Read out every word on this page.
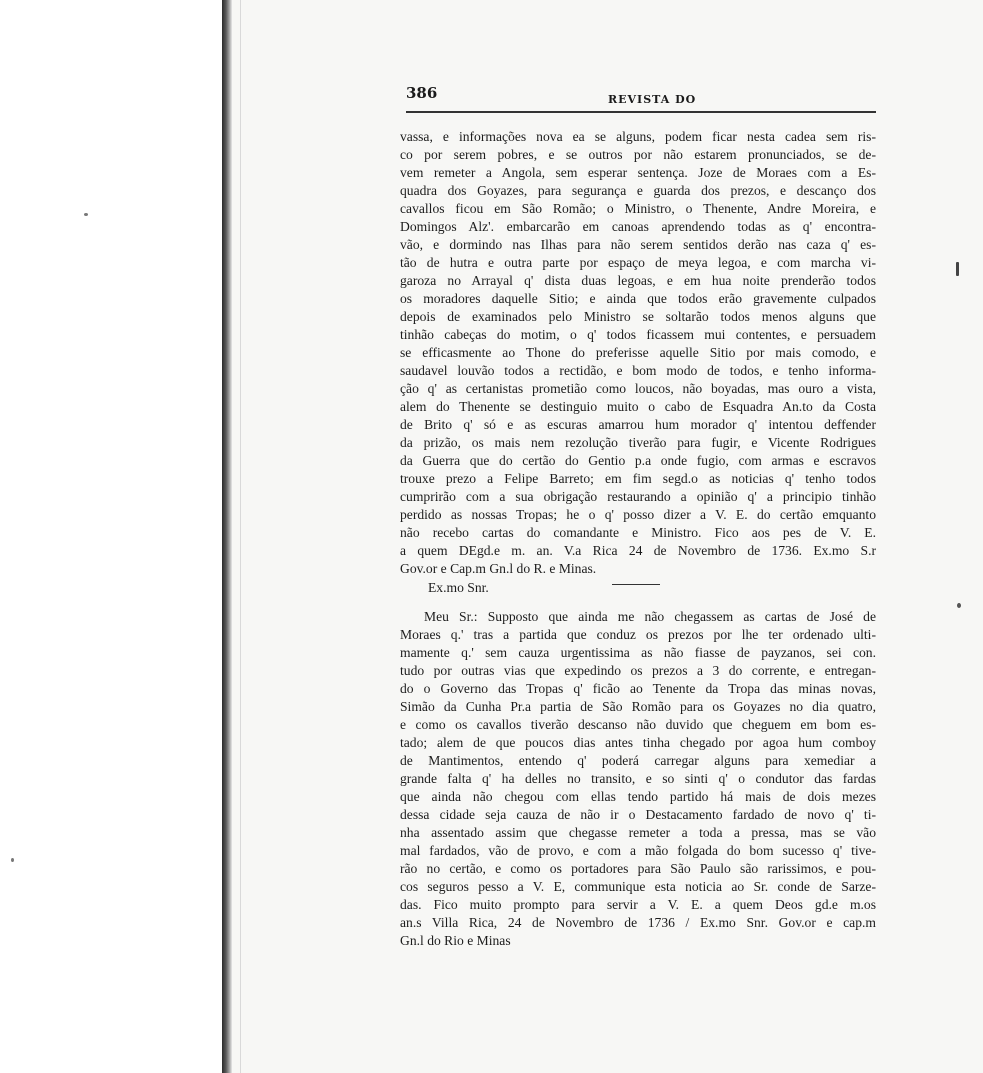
386	REVISTA DO
vassa, e informações nova ea se alguns, podem ficar nesta cadea sem ris-
co por serem pobres, e se outros por não estarem pronunciados, se de-
vem remeter a Angola, sem esperar sentença. Joze de Moraes com a Es-
quadra dos Goyazes, para segurança e guarda dos prezos, e descanço dos
cavallos ficou em São Romão; o Ministro, o Thenente, Andre Moreira, e
Domingos Alz'. embarcarão em canoas aprendendo todas as q' encontra-
vão, e dormindo nas Ilhas para não serem sentidos derão nas caza q' es-
tão de hutra e outra parte por espaço de meya legoa, e com marcha vi-
garoza no Arrayal q' dista duas legoas, e em hua noite prenderão todos
os moradores daquelle Sitio; e ainda que todos erão gravemente culpados
depois de examinados pelo Ministro se soltarão todos menos alguns que
tinhão cabeças do motim, o q' todos ficassem mui contentes, e persuadem
se efficasmente ao Thone do preferisse aquelle Sitio por mais comodo, e
saudavel louvão todos a rectidão, e bom modo de todos, e tenho informa-
ção q' as certanistas prometião como loucos, não boyadas, mas ouro a vista,
alem do Thenente se destinguio muito o cabo de Esquadra An.to da Costa
de Brito q' só e as escuras amarrou hum morador q' intentou deffender
da prizão, os mais nem rezolução tiverão para fugir, e Vicente Rodrigues
da Guerra que do certão do Gentio p.a onde fugio, com armas e escravos
trouxe prezo a Felipe Barreto; em fim segd.o as noticias q' tenho todos
cumprirão com a sua obrigação restaurando a opinião q' a principio tinhão
perdido as nossas Tropas; he o q' posso dizer a V. E. do certão emquanto
não recebo cartas do comandante e Ministro. Fico aos pes de V. E.
a quem DEgd.e m. an. V.a Rica 24 de Novembro de 1736. Ex.mo S.r
Gov.or e Cap.m Gn.l do R. e Minas.
Ex.mo Snr.
Meu Sr.: Supposto que ainda me não chegassem as cartas de José de
Moraes q.' tras a partida que conduz os prezos por lhe ter ordenado ulti-
mamente q.' sem cauza urgentissima as não fiasse de payzanos, sei con.
tudo por outras vias que expedindo os prezos a 3 do corrente, e entregan-
do o Governo das Tropas q' ficão ao Tenente da Tropa das minas novas,
Simão da Cunha Pr.a partia de São Romão para os Goyazes no dia quatro,
e como os cavallos tiverão descanso não duvido que cheguem em bom es-
tado; alem de que poucos dias antes tinha chegado por agoa hum comboy
de Mantimentos, entendo q' poderá carregar alguns para xemediar a
grande falta q' ha delles no transito, e so sinti q' o condutor das fardas
que ainda não chegou com ellas tendo partido há mais de dois mezes
dessa cidade seja cauza de não ir o Destacamento fardado de novo q' ti-
nha assentado assim que chegasse remeter a toda a pressa, mas se vão
mal fardados, vão de provo, e com a mão folgada do bom sucesso q' tive-
rão no certão, e como os portadores para São Paulo são rarissimos, e pou-
cos seguros pesso a V. E, communique esta noticia ao Sr. conde de Sarze-
das. Fico muito prompto para servir a V. E. a quem Deos gd.e m.os
an.s Villa Rica, 24 de Novembro de 1736 / Ex.mo Snr. Gov.or e cap.m
Gn.l do Rio e Minas
